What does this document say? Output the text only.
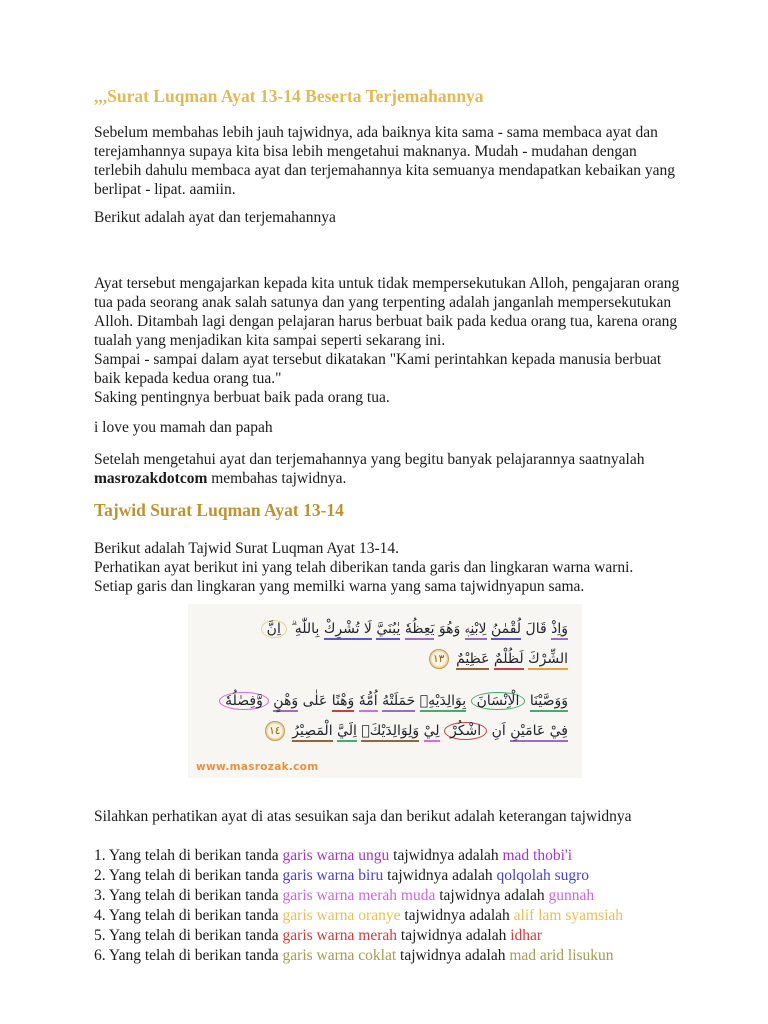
,,,Surat Luqman Ayat 13-14 Beserta Terjemahannya

Sebelum membahas lebih jauh tajwidnya, ada baiknya kita sama - sama membaca ayat dan terejamhannya supaya kita bisa lebih mengetahui maknanya. Mudah - mudahan dengan terlebih dahulu membaca ayat dan terjemahannya kita semuanya mendapatkan kebaikan yang berlipat - lipat. aamiin.

Berikut adalah ayat dan terjemahannya

Ayat tersebut mengajarkan kepada kita untuk tidak mempersekutukan Alloh, pengajaran orang tua pada seorang anak salah satunya dan yang terpenting adalah janganlah mempersekutukan Alloh. Ditambah lagi dengan pelajaran harus berbuat baik pada kedua orang tua, karena orang tualah yang menjadikan kita sampai seperti sekarang ini.

Sampai - sampai dalam ayat tersebut dikatakan "Kami perintahkan kepada manusia berbuat baik kepada kedua orang tua."

Saking pentingnya berbuat baik pada orang tua.

i love you mamah dan papah

Setelah mengetahui ayat dan terjemahannya yang begitu banyak pelajarannya saatnyalah masrozakdotcom membahas tajwidnya.

Tajwid Surat Luqman Ayat 13-14

Berikut adalah Tajwid Surat Luqman Ayat 13-14.

Perhatikan ayat berikut ini yang telah diberikan tanda garis dan lingkaran warna warni.

Setiap garis dan lingkaran yang memilki warna yang sama tajwidnyapun sama.

وَاِذْ قَالَ لُقْمٰنُ لِابْنِهٖ وَهُوَ يَعِظُهٗ يٰبُنَيَّ لَا تُشْرِكْ بِاللّٰهِ ۗ اِنَّ
الشِّرْكَ لَظُلْمٌ عَظِيْمٌ ١٣
وَوَصَّيْنَا الْاِنْسَانَ بِوَالِدَيْهِۚ حَمَلَتْهُ اُمُّهٗ وَهْنًا عَلٰى وَهْنٍ وَّفِصٰلُهٗ
فِيْ عَامَيْنِ اَنِ اشْكُرْ لِيْ وَلِوَالِدَيْكَۗ اِلَيَّ الْمَصِيْرُ ١٤
www.masrozak.com

Silahkan perhatikan ayat di atas sesuikan saja dan berikut adalah keterangan tajwidnya

1. Yang telah di berikan tanda garis warna ungu tajwidnya adalah mad thobi'i

2. Yang telah di berikan tanda garis warna biru tajwidnya adalah qolqolah sugro

3. Yang telah di berikan tanda garis warna merah muda tajwidnya adalah gunnah

4. Yang telah di berikan tanda garis warna oranye tajwidnya adalah alif lam syamsiah

5. Yang telah di berikan tanda garis warna merah tajwidnya adalah idhar

6. Yang telah di berikan tanda garis warna coklat tajwidnya adalah mad arid lisukun
